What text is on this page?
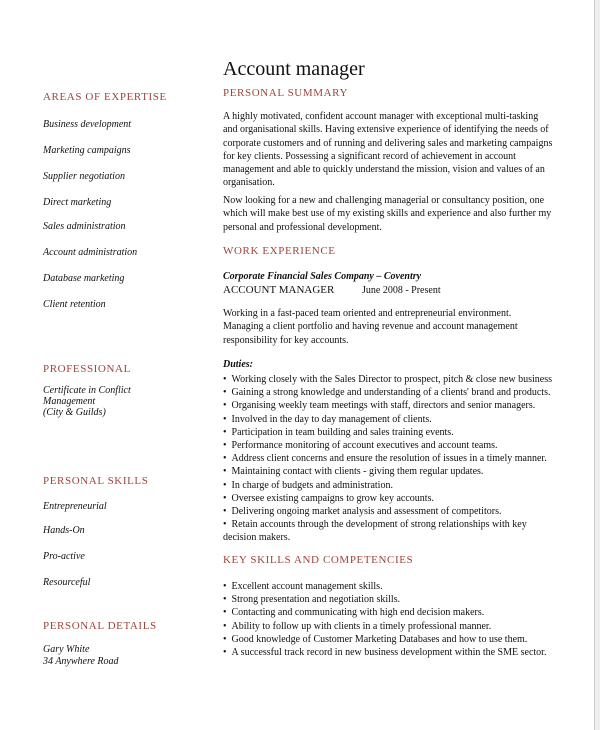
Account manager
AREAS OF EXPERTISE
Business development
Marketing campaigns
Supplier negotiation
Direct marketing
Sales administration
Account administration
Database marketing
Client retention
PROFESSIONAL
Certificate in Conflict
Management
(City & Guilds)
PERSONAL SKILLS
Entrepreneurial
Hands-On
Pro-active
Resourceful
PERSONAL DETAILS
Gary White
34 Anywhere Road
PERSONAL SUMMARY

A highly motivated, confident account manager with exceptional multi-tasking

and organisational skills. Having extensive experience of identifying the needs of

corporate customers and of running and delivering sales and marketing campaigns

for key clients. Possessing a significant record of achievement in account

management and able to quickly understand the mission, vision and values of an

organisation.

Now looking for a new and challenging managerial or consultancy position, one

which will make best use of my existing skills and experience and also further my

personal and professional development.

WORK EXPERIENCE
Corporate Financial Sales Company – Coventry
ACCOUNT MANAGER	June 2008 - Present

Working in a fast-paced team oriented and entrepreneurial environment.

Managing a client portfolio and having revenue and account management

responsibility for key accounts.

Duties:
• Working closely with the Sales Director to prospect, pitch & close new business
• Gaining a strong knowledge and understanding of a clients' brand and products.
• Organising weekly team meetings with staff, directors and senior managers.
• Involved in the day to day management of clients.
• Participation in team building and sales training events.
• Performance monitoring of account executives and account teams.
• Address client concerns and ensure the resolution of issues in a timely manner.
• Maintaining contact with clients - giving them regular updates.
• In charge of budgets and administration.
• Oversee existing campaigns to grow key accounts.
• Delivering ongoing market analysis and assessment of competitors.
• Retain accounts through the development of strong relationships with key

decision makers.

KEY SKILLS AND COMPETENCIES
• Excellent account management skills.
• Strong presentation and negotiation skills.
• Contacting and communicating with high end decision makers.
• Ability to follow up with clients in a timely professional manner.
• Good knowledge of Customer Marketing Databases and how to use them.
• A successful track record in new business development within the SME sector.
